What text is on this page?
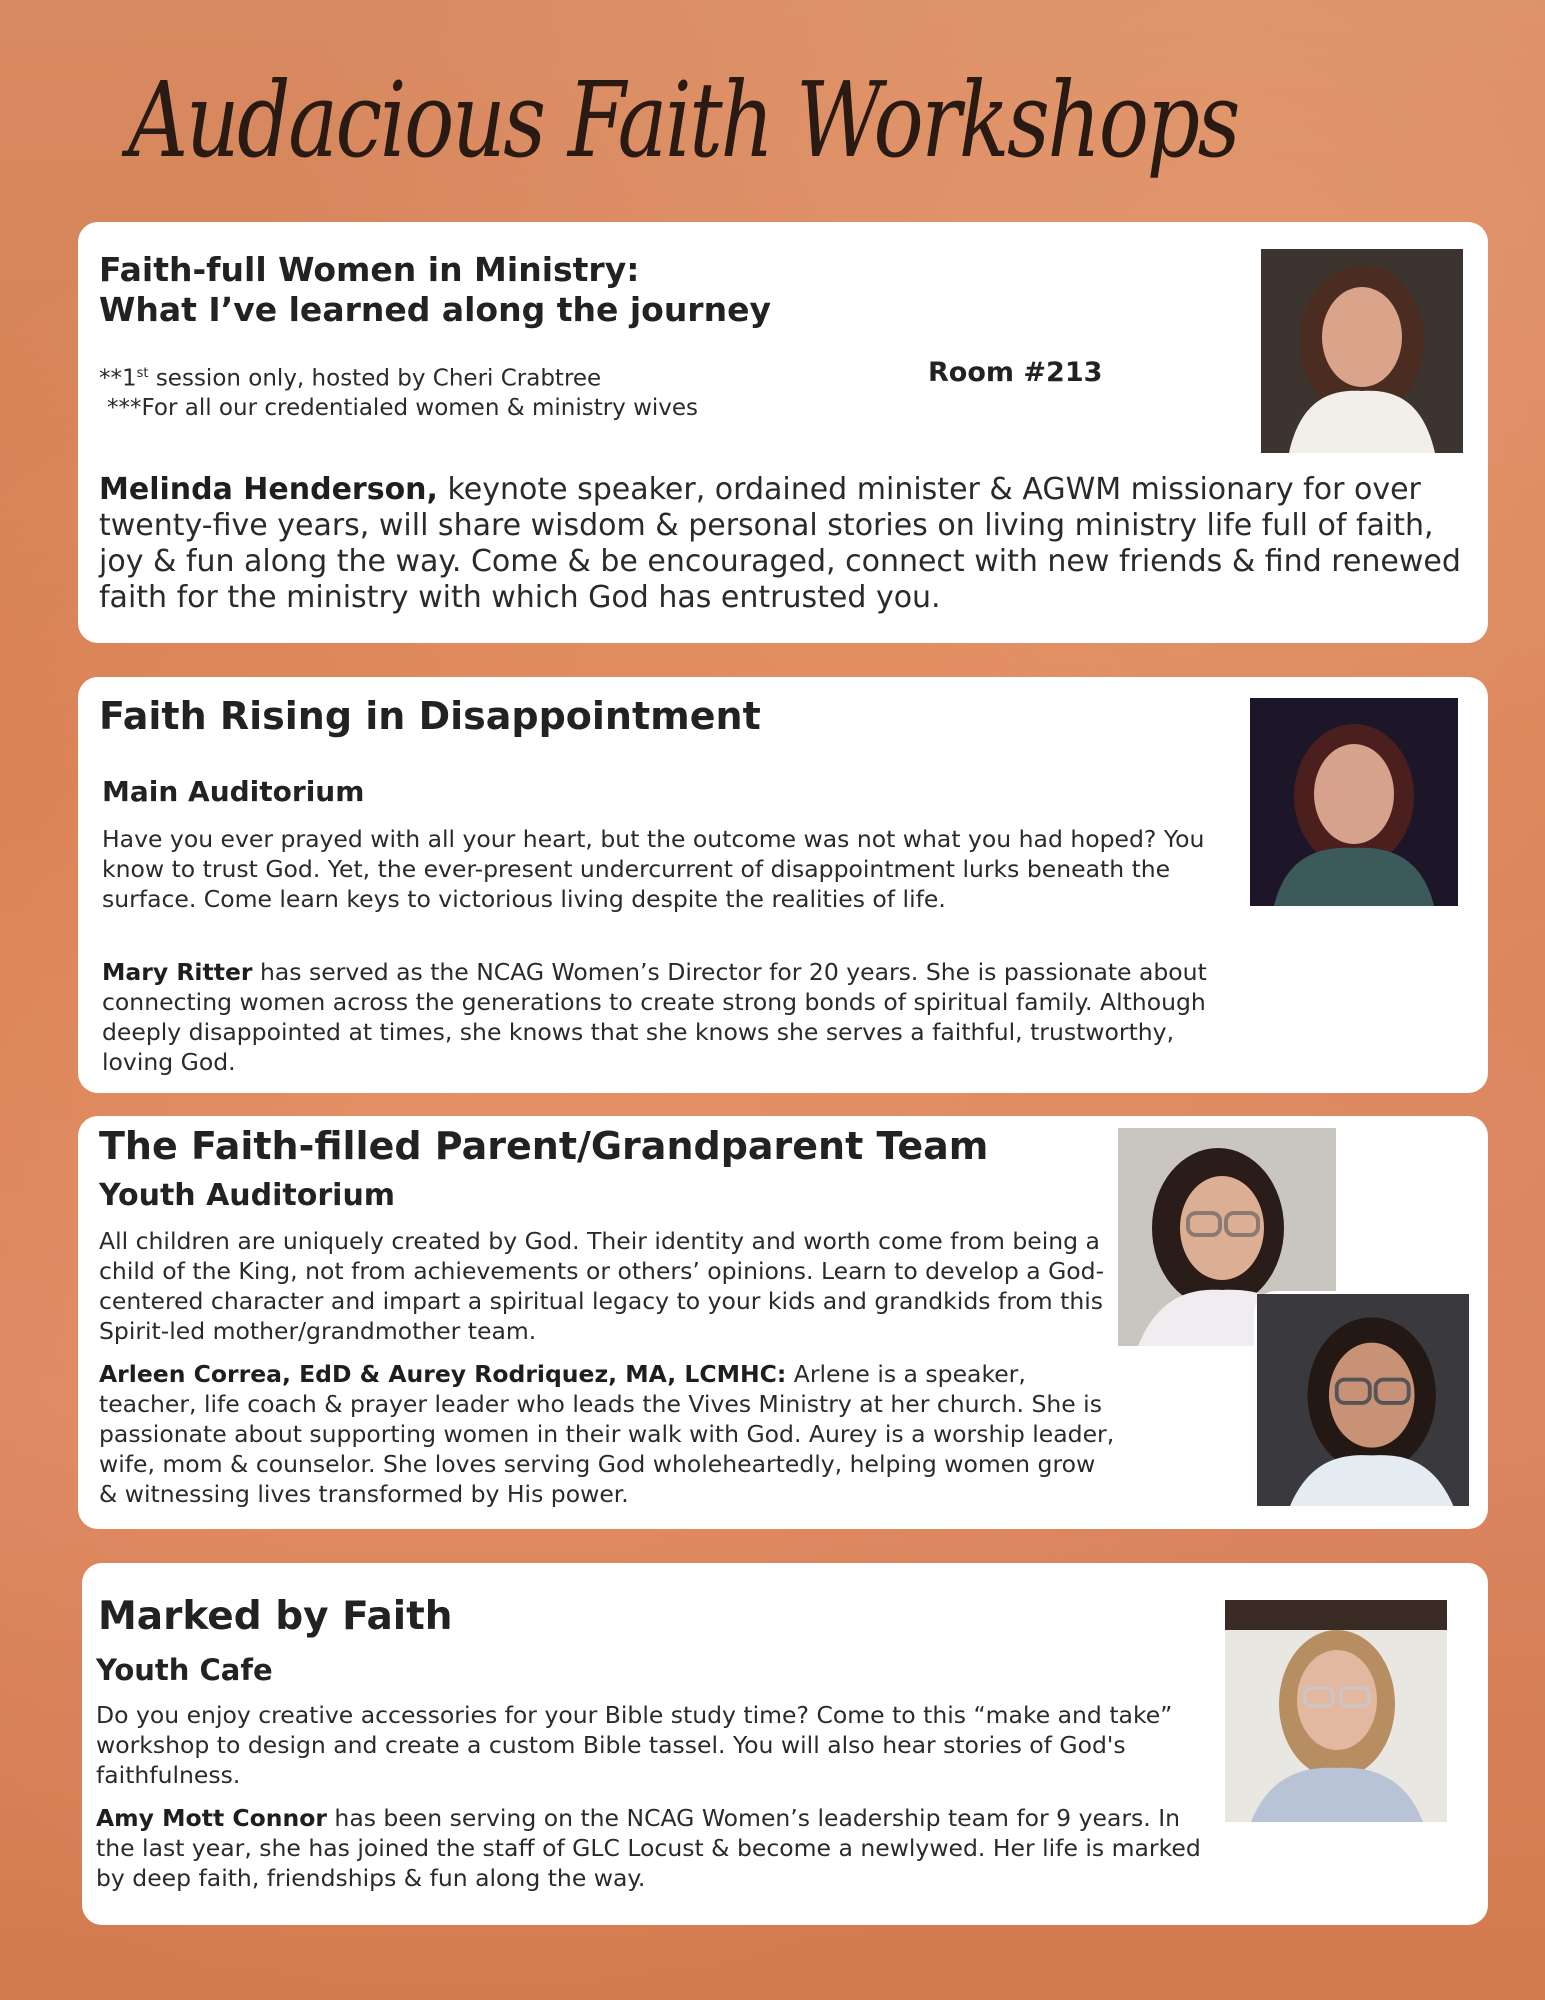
Audacious Faith Workshops
Faith-full Women in Ministry:
What I’ve learned along the journey
**1st session only, hosted by Cheri Crabtree
***For all our credentialed women & ministry wives
Room #213
Melinda Henderson, keynote speaker, ordained minister & AGWM missionary for over twenty-five years, will share wisdom & personal stories on living ministry life full of faith, joy & fun along the way. Come & be encouraged, connect with new friends & find renewed faith for the ministry with which God has entrusted you.
Faith Rising in Disappointment
Main Auditorium
Have you ever prayed with all your heart, but the outcome was not what you had hoped? You know to trust God. Yet, the ever-present undercurrent of disappointment lurks beneath the surface. Come learn keys to victorious living despite the realities of life.
Mary Ritter has served as the NCAG Women’s Director for 20 years. She is passionate about connecting women across the generations to create strong bonds of spiritual family. Although deeply disappointed at times, she knows that she knows she serves a faithful, trustworthy, loving God.
The Faith-filled Parent/Grandparent Team
Youth Auditorium
All children are uniquely created by God. Their identity and worth come from being a child of the King, not from achievements or others’ opinions. Learn to develop a God-centered character and impart a spiritual legacy to your kids and grandkids from this Spirit-led mother/grandmother team.
Arleen Correa, EdD & Aurey Rodriquez, MA, LCMHC: Arlene is a speaker, teacher, life coach & prayer leader who leads the Vives Ministry at her church. She is passionate about supporting women in their walk with God. Aurey is a worship leader, wife, mom & counselor. She loves serving God wholeheartedly, helping women grow & witnessing lives transformed by His power.
Marked by Faith
Youth Cafe
Do you enjoy creative accessories for your Bible study time? Come to this “make and take” workshop to design and create a custom Bible tassel. You will also hear stories of God's faithfulness.
Amy Mott Connor has been serving on the NCAG Women’s leadership team for 9 years. In the last year, she has joined the staff of GLC Locust & become a newlywed. Her life is marked by deep faith, friendships & fun along the way.
